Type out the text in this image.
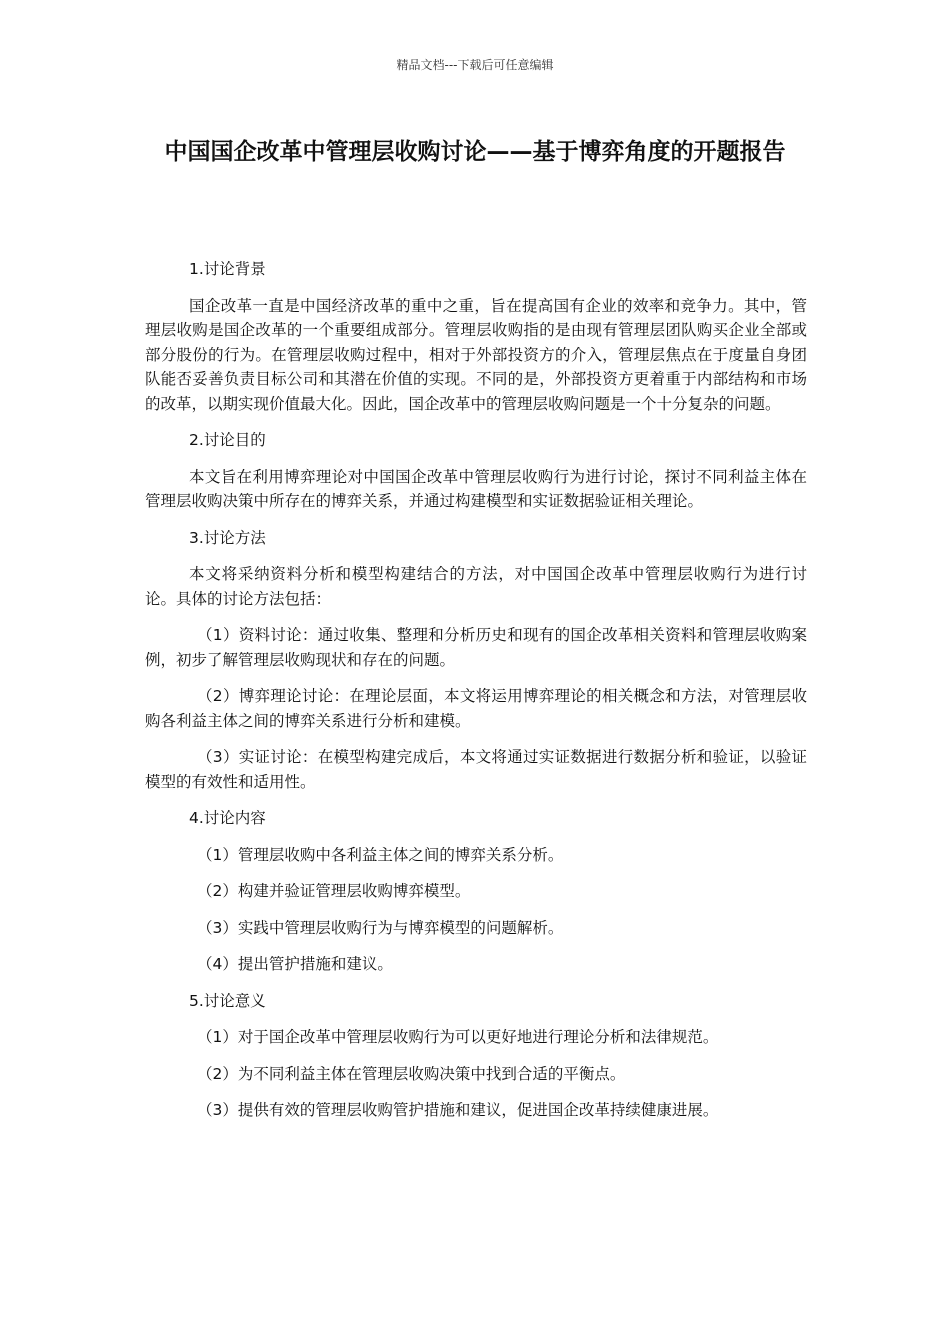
精品文档---下载后可任意编辑
中国国企改革中管理层收购讨论——基于博弈角度的开题报告

1.讨论背景

国企改革一直是中国经济改革的重中之重，旨在提高国有企业的效率和竞争力。其中，管理层收购是国企改革的一个重要组成部分。管理层收购指的是由现有管理层团队购买企业全部或部分股份的行为。在管理层收购过程中，相对于外部投资方的介入，管理层焦点在于度量自身团队能否妥善负责目标公司和其潜在价值的实现。不同的是，外部投资方更着重于内部结构和市场的改革，以期实现价值最大化。因此，国企改革中的管理层收购问题是一个十分复杂的问题。

2.讨论目的

本文旨在利用博弈理论对中国国企改革中管理层收购行为进行讨论，探讨不同利益主体在管理层收购决策中所存在的博弈关系，并通过构建模型和实证数据验证相关理论。

3.讨论方法

本文将采纳资料分析和模型构建结合的方法，对中国国企改革中管理层收购行为进行讨论。具体的讨论方法包括：

（1）资料讨论：通过收集、整理和分析历史和现有的国企改革相关资料和管理层收购案例，初步了解管理层收购现状和存在的问题。

（2）博弈理论讨论：在理论层面，本文将运用博弈理论的相关概念和方法，对管理层收购各利益主体之间的博弈关系进行分析和建模。

（3）实证讨论：在模型构建完成后，本文将通过实证数据进行数据分析和验证，以验证模型的有效性和适用性。

4.讨论内容

（1）管理层收购中各利益主体之间的博弈关系分析。

（2）构建并验证管理层收购博弈模型。

（3）实践中管理层收购行为与博弈模型的问题解析。

（4）提出管护措施和建议。

5.讨论意义

（1）对于国企改革中管理层收购行为可以更好地进行理论分析和法律规范。

（2）为不同利益主体在管理层收购决策中找到合适的平衡点。

（3）提供有效的管理层收购管护措施和建议，促进国企改革持续健康进展。
